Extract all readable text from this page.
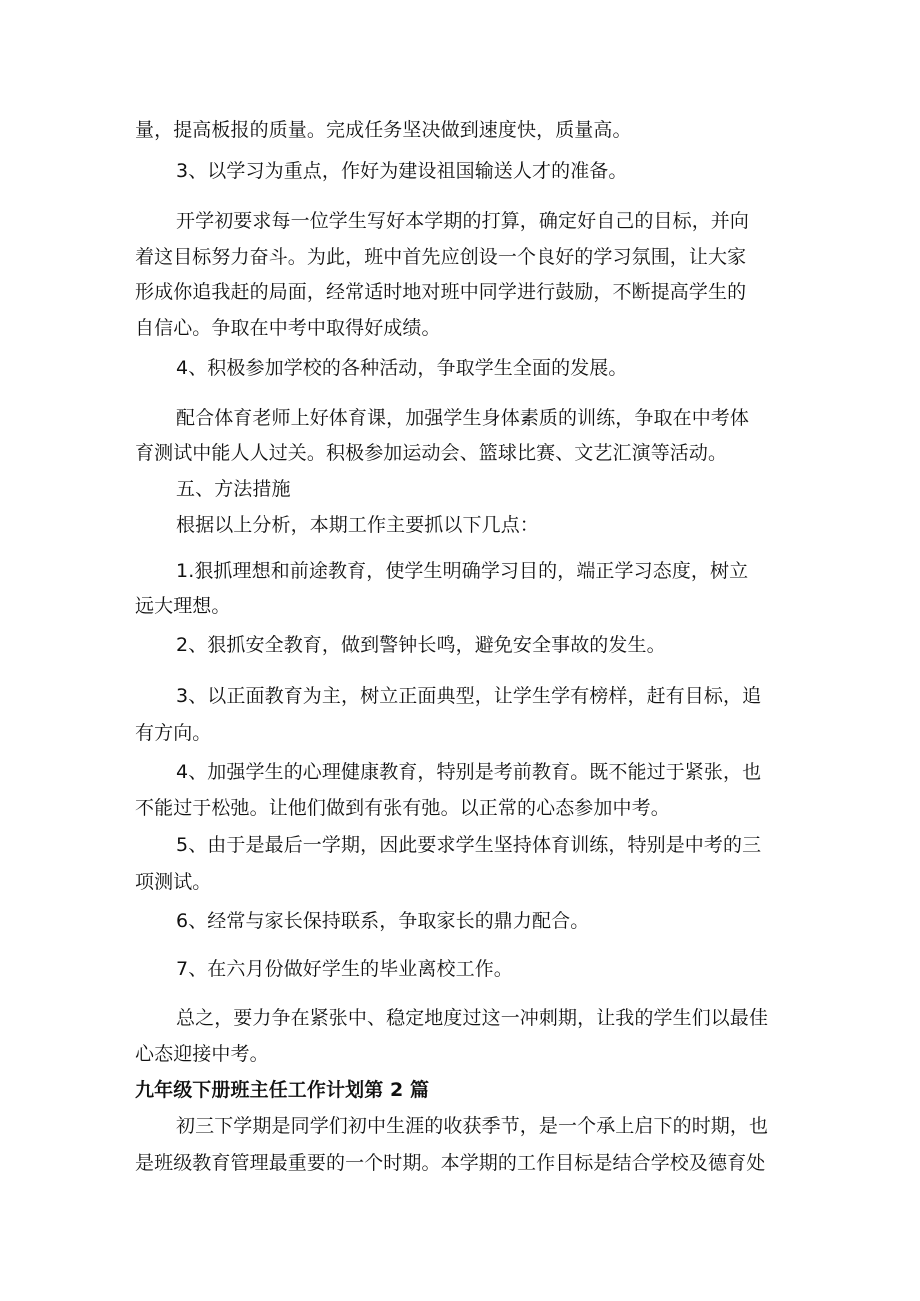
量，提高板报的质量。完成任务坚决做到速度快，质量高。
3、以学习为重点，作好为建设祖国输送人才的准备。
开学初要求每一位学生写好本学期的打算，确定好自己的目标，并向
着这目标努力奋斗。为此，班中首先应创设一个良好的学习氛围，让大家
形成你追我赶的局面，经常适时地对班中同学进行鼓励，不断提高学生的
自信心。争取在中考中取得好成绩。
4、积极参加学校的各种活动，争取学生全面的发展。
配合体育老师上好体育课，加强学生身体素质的训练，争取在中考体
育测试中能人人过关。积极参加运动会、篮球比赛、文艺汇演等活动。
五、方法措施
根据以上分析，本期工作主要抓以下几点：
1.狠抓理想和前途教育，使学生明确学习目的，端正学习态度，树立
远大理想。
2、狠抓安全教育，做到警钟长鸣，避免安全事故的发生。
3、以正面教育为主，树立正面典型，让学生学有榜样，赶有目标，追
有方向。
4、加强学生的心理健康教育，特别是考前教育。既不能过于紧张，也
不能过于松弛。让他们做到有张有弛。以正常的心态参加中考。
5、由于是最后一学期，因此要求学生坚持体育训练，特别是中考的三
项测试。
6、经常与家长保持联系，争取家长的鼎力配合。
7、在六月份做好学生的毕业离校工作。
总之，要力争在紧张中、稳定地度过这一冲刺期，让我的学生们以最佳
心态迎接中考。
九年级下册班主任工作计划第 2 篇
初三下学期是同学们初中生涯的收获季节，是一个承上启下的时期，也
是班级教育管理最重要的一个时期。本学期的工作目标是结合学校及德育处
